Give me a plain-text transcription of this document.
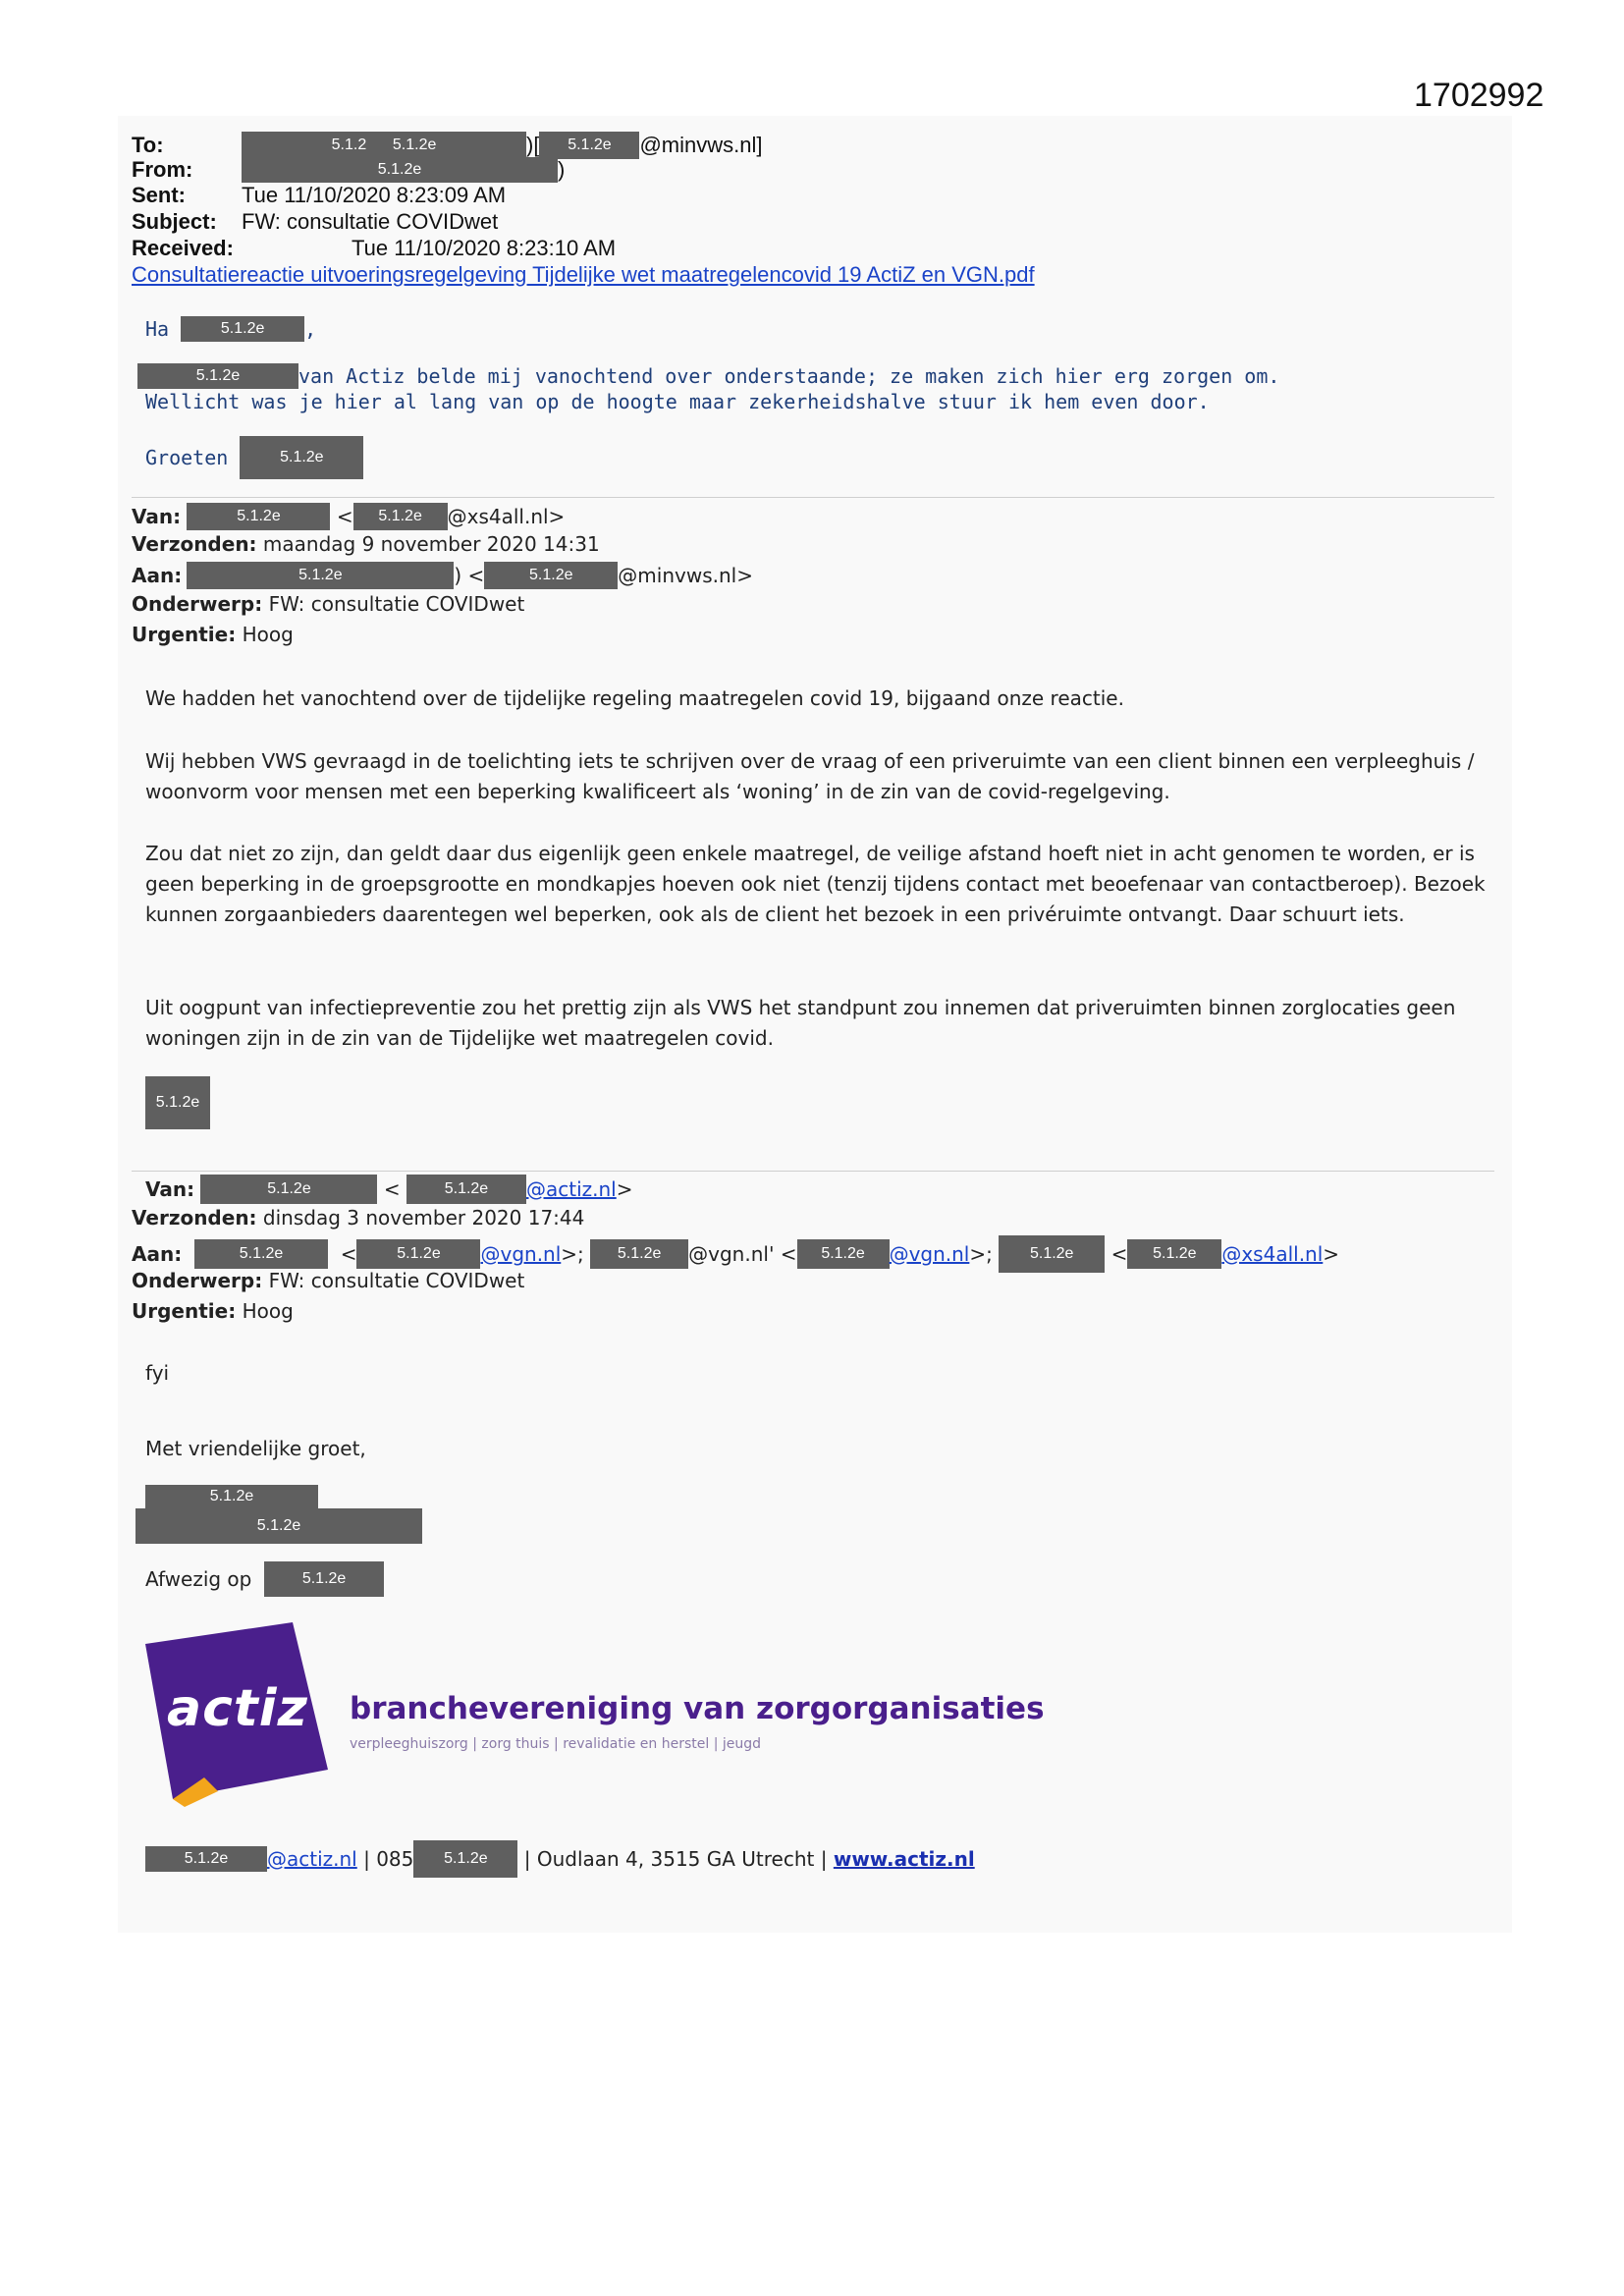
1702992
To:	5.1.2 5.1.2e	)[	5.1.2e	@minvws.nl]
From:	5.1.2e	)
Sent:	Tue 11/10/2020 8:23:09 AM
Subject:	FW: consultatie COVIDwet
Received:	Tue 11/10/2020 8:23:10 AM
Consultatiereactie uitvoeringsregelgeving Tijdelijke wet maatregelencovid 19 ActiZ en VGN.pdf
Ha
	5.1.2e	,
5.1.2e	van Actiz belde mij vanochtend over onderstaande; ze maken zich hier erg zorgen om.
Wellicht was je hier al lang van op de hoogte maar zekerheidshalve stuur ik hem even door.
Groeten
	5.1.2e
Van:
	5.1.2e
	<	5.1.2e	@xs4all.nl>
Verzonden:
maandag 9 november 2020 14:31
Aan:
	5.1.2e	) <	5.1.2e	@minvws.nl>
Onderwerp:
FW: consultatie COVIDwet
Urgentie:
Hoog
We hadden het vanochtend over de tijdelijke regeling maatregelen covid 19, bijgaand onze reactie.
Wij hebben VWS gevraagd in de toelichting iets te schrijven over de vraag of een priveruimte van een client binnen een verpleeghuis / woonvorm voor mensen met een beperking kwalificeert als ‘woning’ in de zin van de covid-regelgeving.
Zou dat niet zo zijn, dan geldt daar dus eigenlijk geen enkele maatregel, de veilige afstand hoeft niet in acht genomen te worden, er is geen beperking in de groepsgrootte en mondkapjes hoeven ook niet (tenzij tijdens contact met beoefenaar van contactberoep). Bezoek kunnen zorgaanbieders daarentegen wel beperken, ook als de client het bezoek in een privéruimte ontvangt. Daar schuurt iets.
Uit oogpunt van infectiepreventie zou het prettig zijn als VWS het standpunt zou innemen dat priveruimten binnen zorglocaties geen woningen zijn in de zin van de Tijdelijke wet maatregelen covid.
5.1.2e
Van:
	5.1.2e
	<
	5.1.2e	@actiz.nl >
Verzonden:
dinsdag 3 november 2020 17:44
Aan:	5.1.2e
	<	5.1.2e	@vgn.nl >;
	5.1.2e	@vgn.nl' <	5.1.2e	@vgn.nl >;
	5.1.2e
	<	5.1.2e	@xs4all.nl >
Onderwerp:
FW: consultatie COVIDwet
Urgentie:
Hoog
fyi
Met vriendelijke groet,
5.1.2e
5.1.2e
Afwezig op
	5.1.2e
actiz branchevereniging van zorgorganisaties
verpleeghuiszorg | zorg thuis | revalidatie en herstel | jeugd
5.1.2e	@actiz.nl
| 085	5.1.2e
	| Oudlaan 4, 3515 GA Utrecht |
www.actiz.nl
